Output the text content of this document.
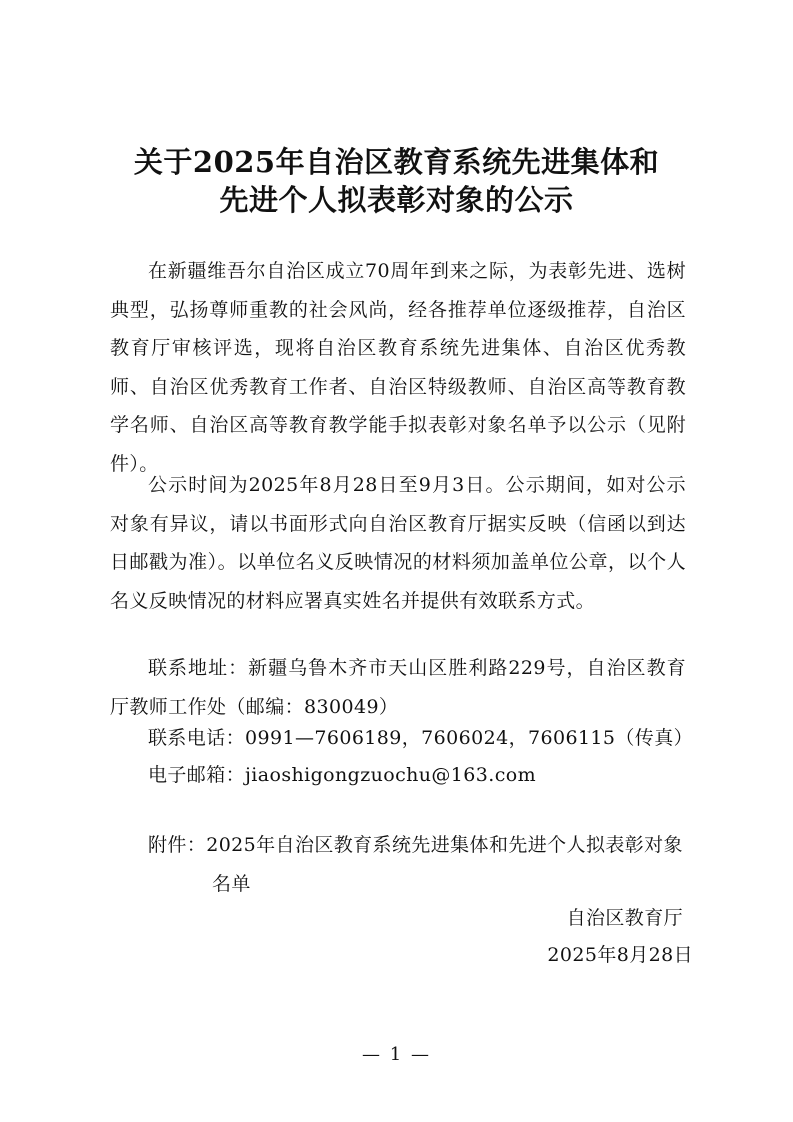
关于2025年自治区教育系统先进集体和
先进个人拟表彰对象的公示

在新疆维吾尔自治区成立70周年到来之际，为表彰先进、选树典型，弘扬尊师重教的社会风尚，经各推荐单位逐级推荐，自治区教育厅审核评选，现将自治区教育系统先进集体、自治区优秀教师、自治区优秀教育工作者、自治区特级教师、自治区高等教育教学名师、自治区高等教育教学能手拟表彰对象名单予以公示（见附件）。

公示时间为2025年8月28日至9月3日。公示期间，如对公示对象有异议，请以书面形式向自治区教育厅据实反映（信函以到达日邮戳为准）。以单位名义反映情况的材料须加盖单位公章，以个人名义反映情况的材料应署真实姓名并提供有效联系方式。

联系地址：新疆乌鲁木齐市天山区胜利路229号，自治区教育厅教师工作处（邮编：830049）

联系电话：0991—7606189，7606024，7606115（传真）
电子邮箱：jiaoshigongzuochu@163.com
附件：2025年自治区教育系统先进集体和先进个人拟表彰对象名单
自治区教育厅
2025年8月28日
— 1 —
